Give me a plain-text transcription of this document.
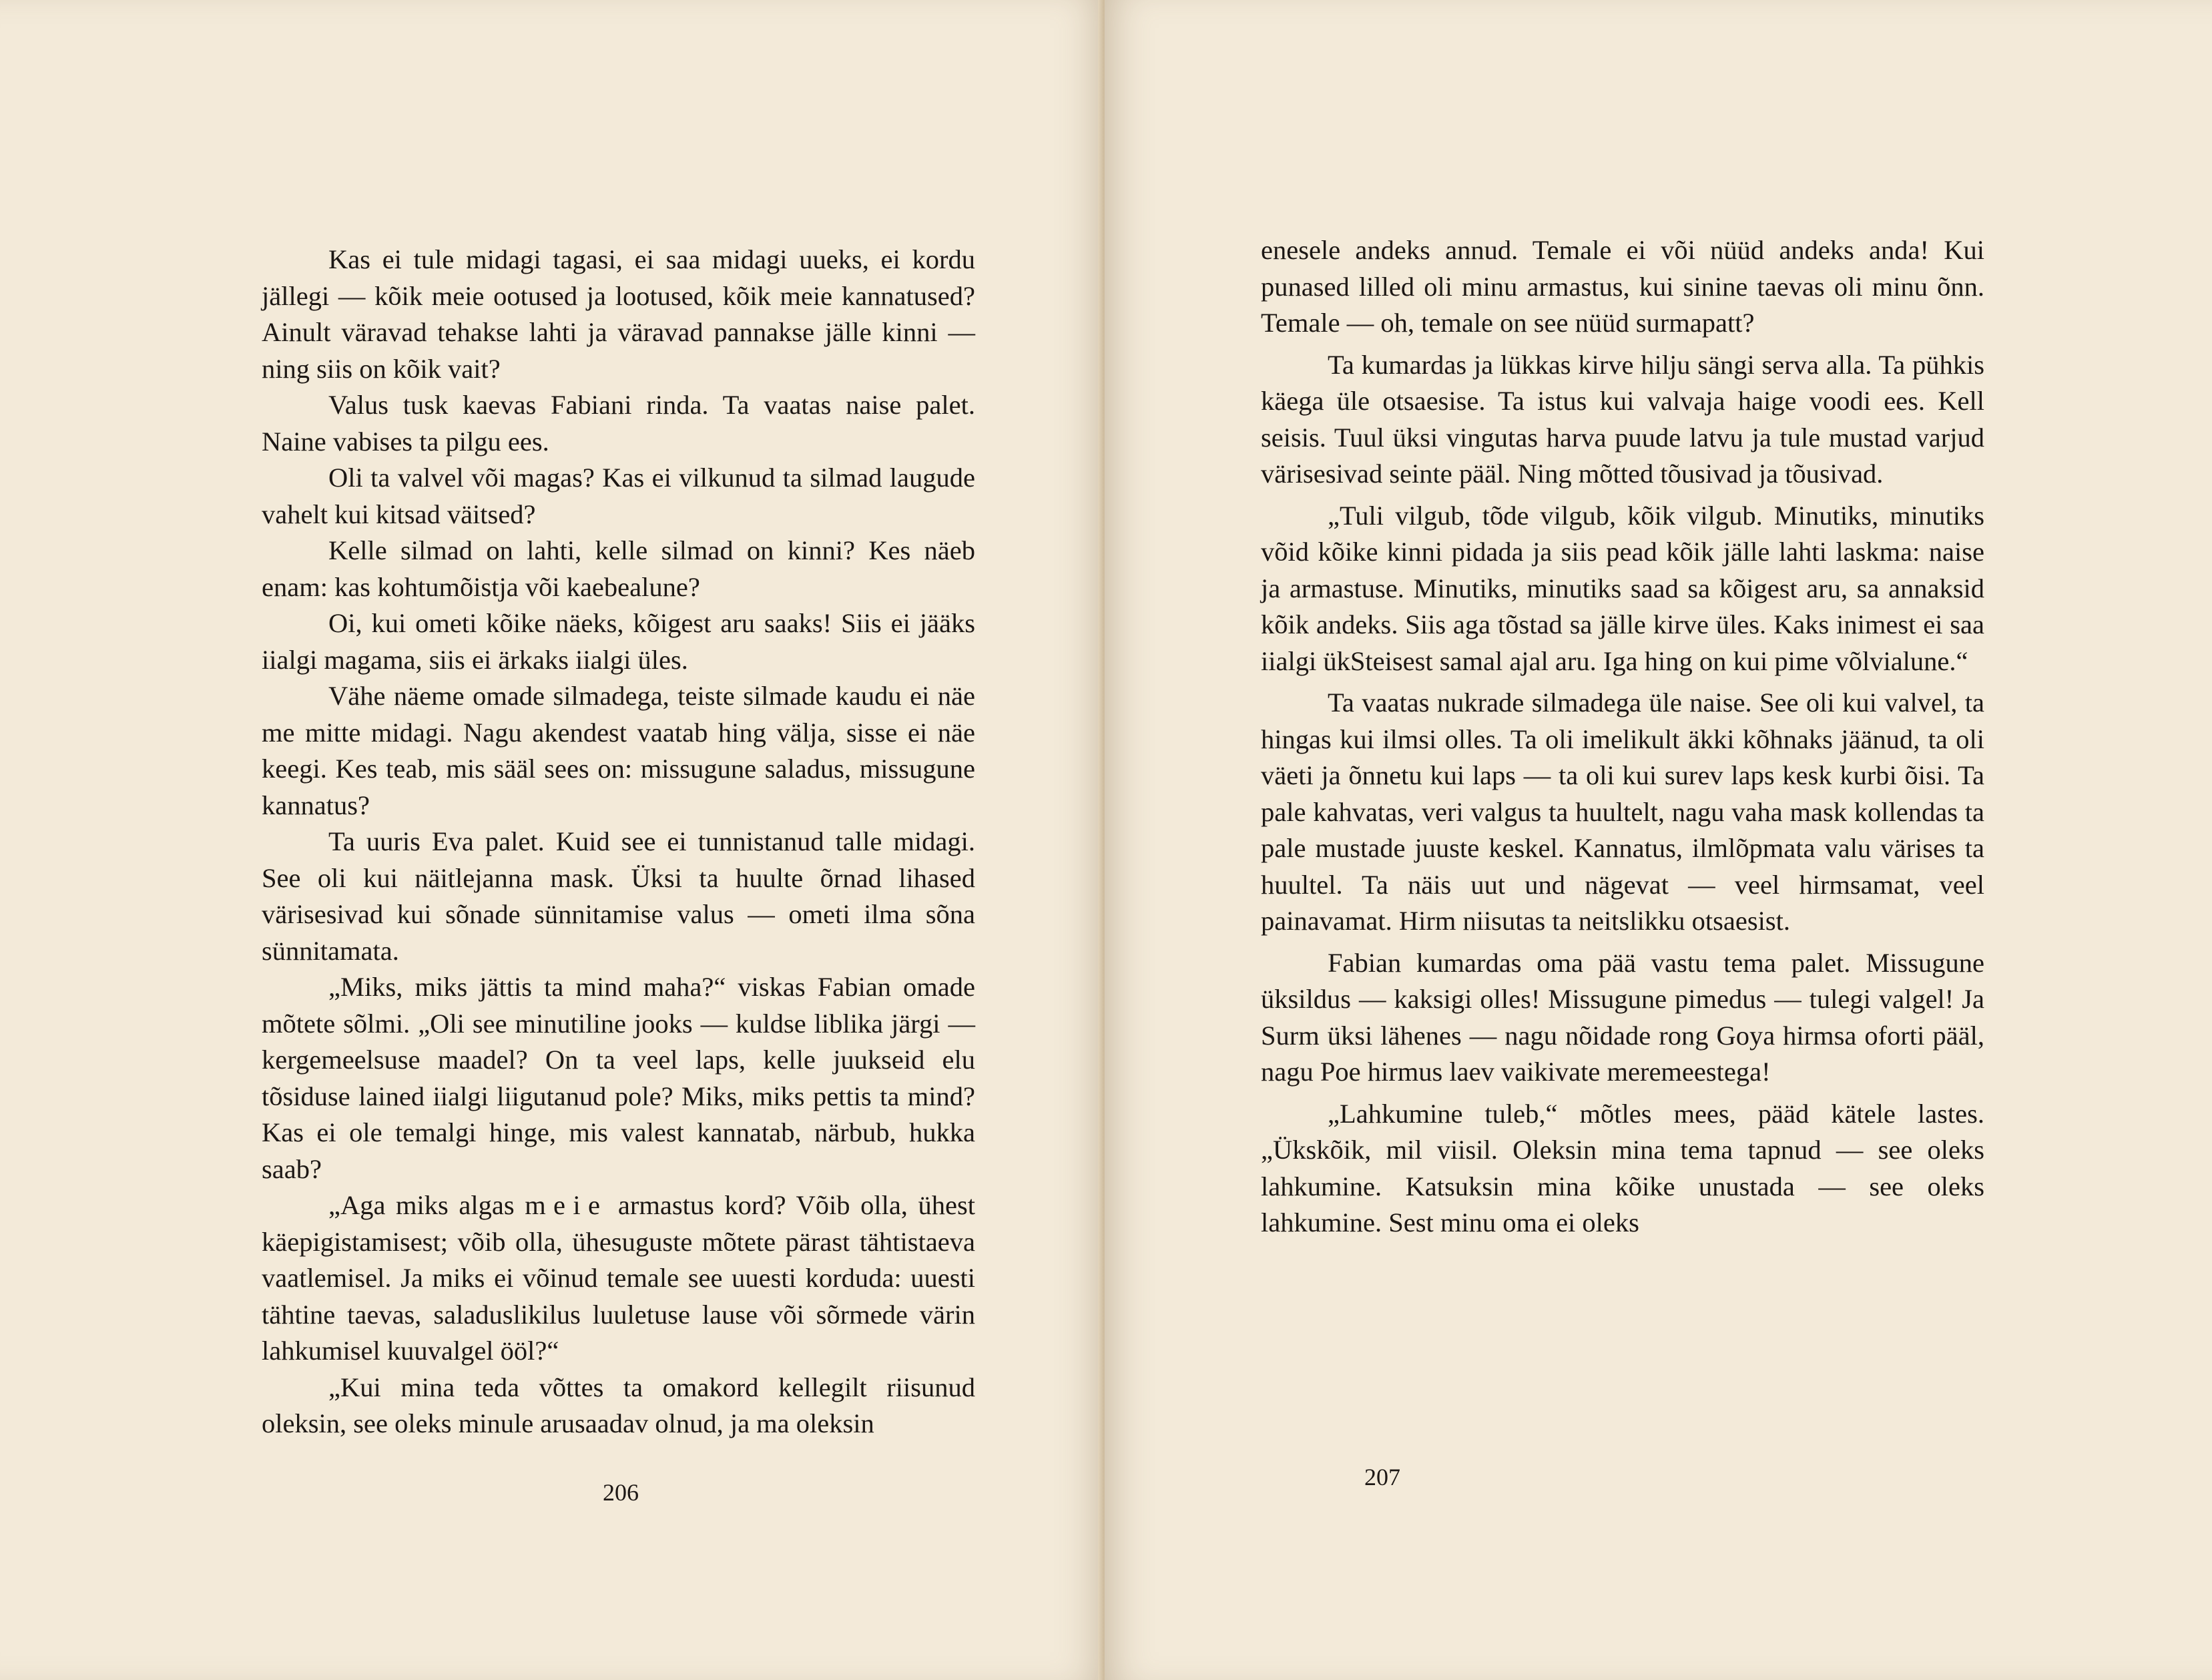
Kas ei tule midagi tagasi, ei saa midagi uueks, ei kordu jällegi — kõik meie ootused ja lootused, kõik meie kannatused? Ainult väravad tehakse lahti ja väravad pannakse jälle kinni — ning siis on kõik vait?

Valus tusk kaevas Fabiani rinda. Ta vaatas naise palet. Naine vabises ta pilgu ees.

Oli ta valvel või magas? Kas ei vilkunud ta silmad laugude vahelt kui kitsad väitsed?

Kelle silmad on lahti, kelle silmad on kinni? Kes näeb enam: kas kohtumõistja või kaebealune?

Oi, kui ometi kõike näeks, kõigest aru saaks! Siis ei jääks iialgi magama, siis ei ärkaks iialgi üles.

Vähe näeme omade silmadega, teiste silmade kaudu ei näe me mitte midagi. Nagu akendest vaatab hing välja, sisse ei näe keegi. Kes teab, mis sääl sees on: missugune saladus, missugune kannatus?

Ta uuris Eva palet. Kuid see ei tunnistanud talle midagi. See oli kui näitlejanna mask. Üksi ta huulte õrnad lihased värisesivad kui sõnade sünnitamise valus — ometi ilma sõna sünnitamata.

„Miks, miks jättis ta mind maha?“ viskas Fabian omade mõtete sõlmi. „Oli see minutiline jooks — kuldse liblika järgi — kergemeelsuse maadel? On ta veel laps, kelle juukseid elu tõsiduse lained iialgi liigutanud pole? Miks, miks pettis ta mind? Kas ei ole temalgi hinge, mis valest kannatab, närbub, hukka saab?

„Aga miks algas meie armastus kord? Võib olla, ühest käepigistamisest; võib olla, ühesuguste mõtete pärast tähtistaeva vaatlemisel. Ja miks ei võinud temale see uuesti korduda: uuesti tähtine taevas, saladuslikilus luuletuse lause või sõrmede värin lahkumisel kuuvalgel ööl?“

„Kui mina teda võttes ta omakord kellegilt riisunud oleksin, see oleks minule arusaadav olnud, ja ma oleksin

206

enesele andeks annud. Temale ei või nüüd andeks anda! Kui punased lilled oli minu armastus, kui sinine taevas oli minu õnn. Temale — oh, temale on see nüüd surmapatt?

Ta kumardas ja lükkas kirve hilju sängi serva alla. Ta pühkis käega üle otsaesise. Ta istus kui valvaja haige voodi ees. Kell seisis. Tuul üksi vingutas harva puude latvu ja tule mustad varjud värisesivad seinte pääl. Ning mõtted tõusivad ja tõusivad.

„Tuli vilgub, tõde vilgub, kõik vilgub. Minutiks, minutiks võid kõike kinni pidada ja siis pead kõik jälle lahti laskma: naise ja armastuse. Minutiks, minutiks saad sa kõigest aru, sa annaksid kõik andeks. Siis aga tõstad sa jälle kirve üles. Kaks inimest ei saa iialgi ükSteisest samal ajal aru. Iga hing on kui pime võlvialune.“

Ta vaatas nukrade silmadega üle naise. See oli kui valvel, ta hingas kui ilmsi olles. Ta oli imelikult äkki kõhnaks jäänud, ta oli väeti ja õnnetu kui laps — ta oli kui surev laps kesk kurbi õisi. Ta pale kahvatas, veri valgus ta huultelt, nagu vaha mask kollendas ta pale mustade juuste keskel. Kannatus, ilmlõpmata valu värises ta huultel. Ta näis uut und nägevat — veel hirmsamat, veel painavamat. Hirm niisutas ta neitslikku otsaesist.

Fabian kumardas oma pää vastu tema palet. Missugune üksildus — kaksigi olles! Missugune pimedus — tulegi valgel! Ja Surm üksi lähenes — nagu nõidade rong Goya hirmsa oforti pääl, nagu Poe hirmus laev vaikivate meremeestega!

„Lahkumine tuleb,“ mõtles mees, pääd kätele lastes. „Ükskõik, mil viisil. Oleksin mina tema tapnud — see oleks lahkumine. Katsuksin mina kõike unustada — see oleks lahkumine. Sest minu oma ei oleks

207
